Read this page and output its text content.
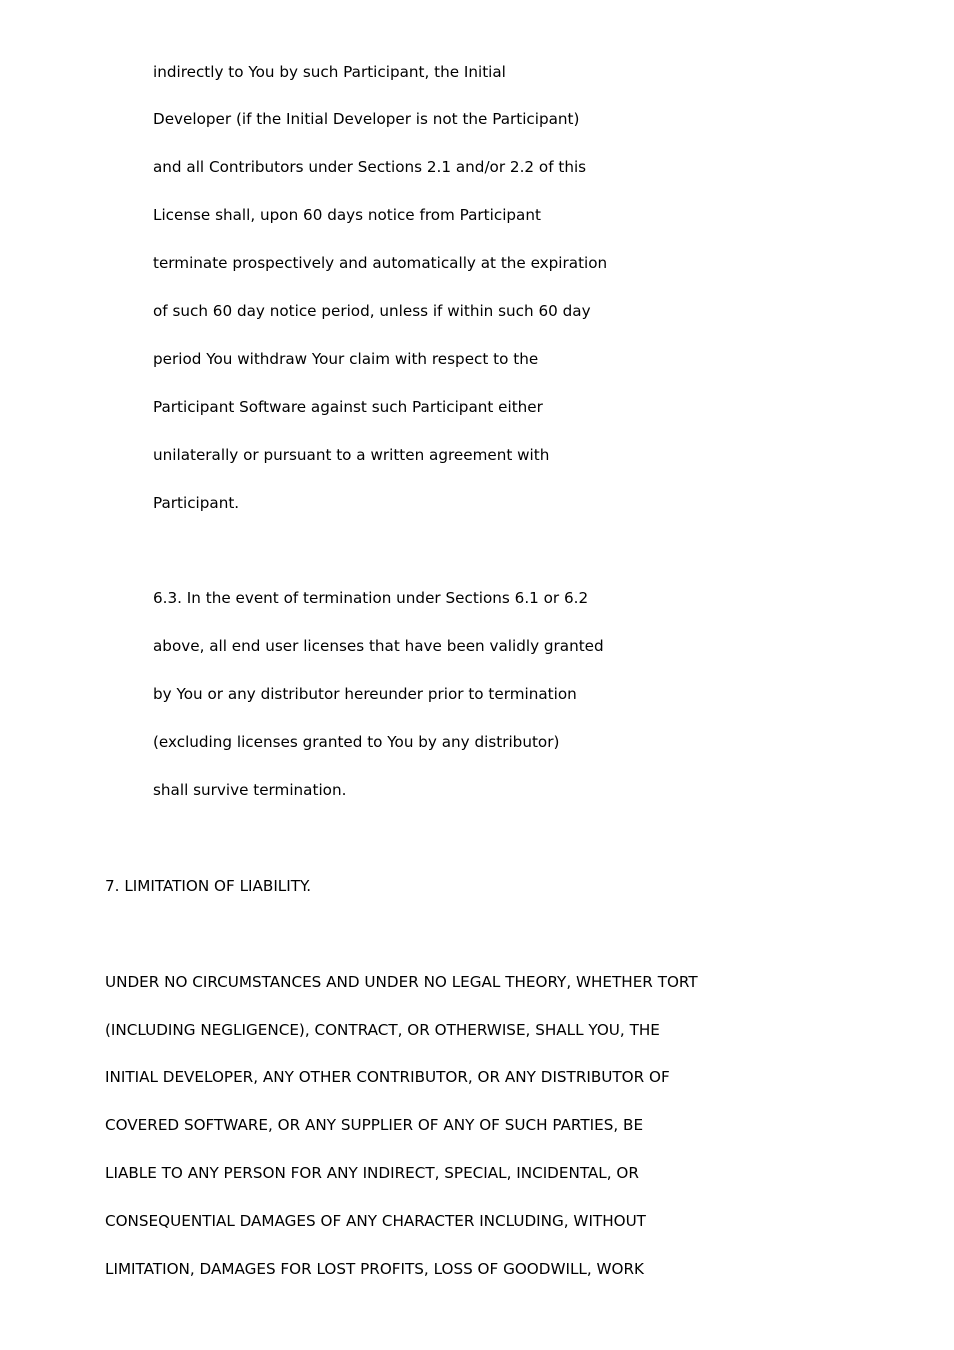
indirectly to You by such Participant, the Initial
Developer (if the Initial Developer is not the Participant)
and all Contributors under Sections 2.1 and/or 2.2 of this
License shall, upon 60 days notice from Participant
terminate prospectively and automatically at the expiration
of such 60 day notice period, unless if within such 60 day
period You withdraw Your claim with respect to the
Participant Software against such Participant either
unilaterally or pursuant to a written agreement with
Participant.
6.3. In the event of termination under Sections 6.1 or 6.2
above, all end user licenses that have been validly granted
by You or any distributor hereunder prior to termination
(excluding licenses granted to You by any distributor)
shall survive termination.
7. LIMITATION OF LIABILITY.
UNDER NO CIRCUMSTANCES AND UNDER NO LEGAL THEORY, WHETHER TORT
(INCLUDING NEGLIGENCE), CONTRACT, OR OTHERWISE, SHALL YOU, THE
INITIAL DEVELOPER, ANY OTHER CONTRIBUTOR, OR ANY DISTRIBUTOR OF
COVERED SOFTWARE, OR ANY SUPPLIER OF ANY OF SUCH PARTIES, BE
LIABLE TO ANY PERSON FOR ANY INDIRECT, SPECIAL, INCIDENTAL, OR
CONSEQUENTIAL DAMAGES OF ANY CHARACTER INCLUDING, WITHOUT
LIMITATION, DAMAGES FOR LOST PROFITS, LOSS OF GOODWILL, WORK
